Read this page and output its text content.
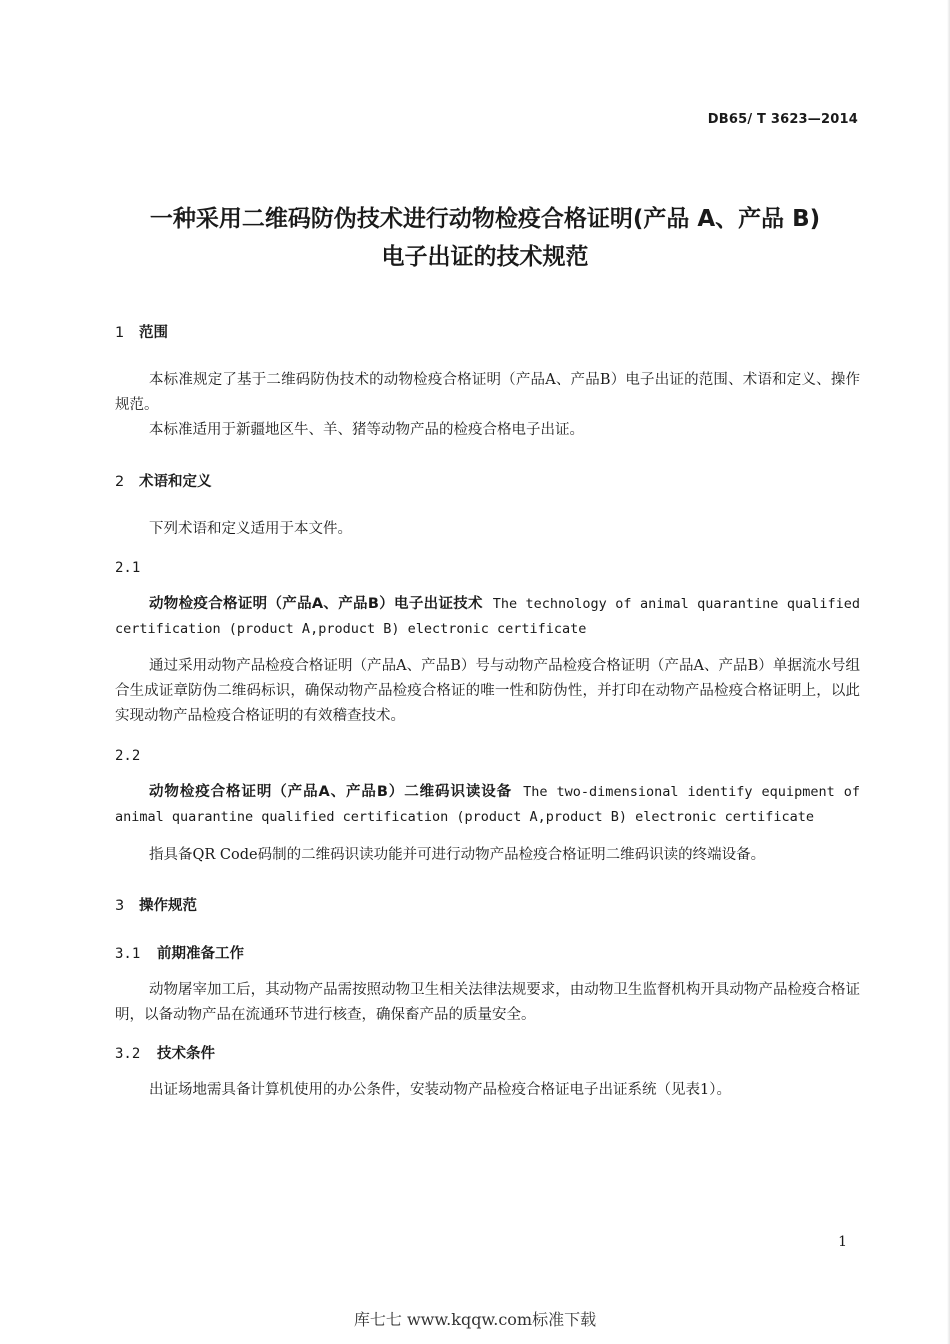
DB65/ T 3623—2014
一种采用二维码防伪技术进行动物检疫合格证明(产品 A、产品 B)
电子出证的技术规范
1 范围
本标准规定了基于二维码防伪技术的动物检疫合格证明（产品A、产品B）电子出证的范围、术语和定义、操作规范。
本标准适用于新疆地区牛、羊、猪等动物产品的检疫合格电子出证。
2 术语和定义
下列术语和定义适用于本文件。
2.1
动物检疫合格证明（产品A、产品B）电子出证技术 The technology of animal quarantine qualified certification (product A,product B) electronic certificate
通过采用动物产品检疫合格证明（产品A、产品B）号与动物产品检疫合格证明（产品A、产品B）单据流水号组合生成证章防伪二维码标识，确保动物产品检疫合格证的唯一性和防伪性，并打印在动物产品检疫合格证明上，以此实现动物产品检疫合格证明的有效稽查技术。
2.2
动物检疫合格证明（产品A、产品B）二维码识读设备 The two-dimensional identify equipment of animal quarantine qualified certification (product A,product B) electronic certificate
指具备QR Code码制的二维码识读功能并可进行动物产品检疫合格证明二维码识读的终端设备。
3 操作规范
3.1 前期准备工作
动物屠宰加工后，其动物产品需按照动物卫生相关法律法规要求，由动物卫生监督机构开具动物产品检疫合格证明，以备动物产品在流通环节进行核查，确保畜产品的质量安全。
3.2 技术条件
出证场地需具备计算机使用的办公条件，安装动物产品检疫合格证电子出证系统（见表1）。
1
库七七 www.kqqw.com标准下载
